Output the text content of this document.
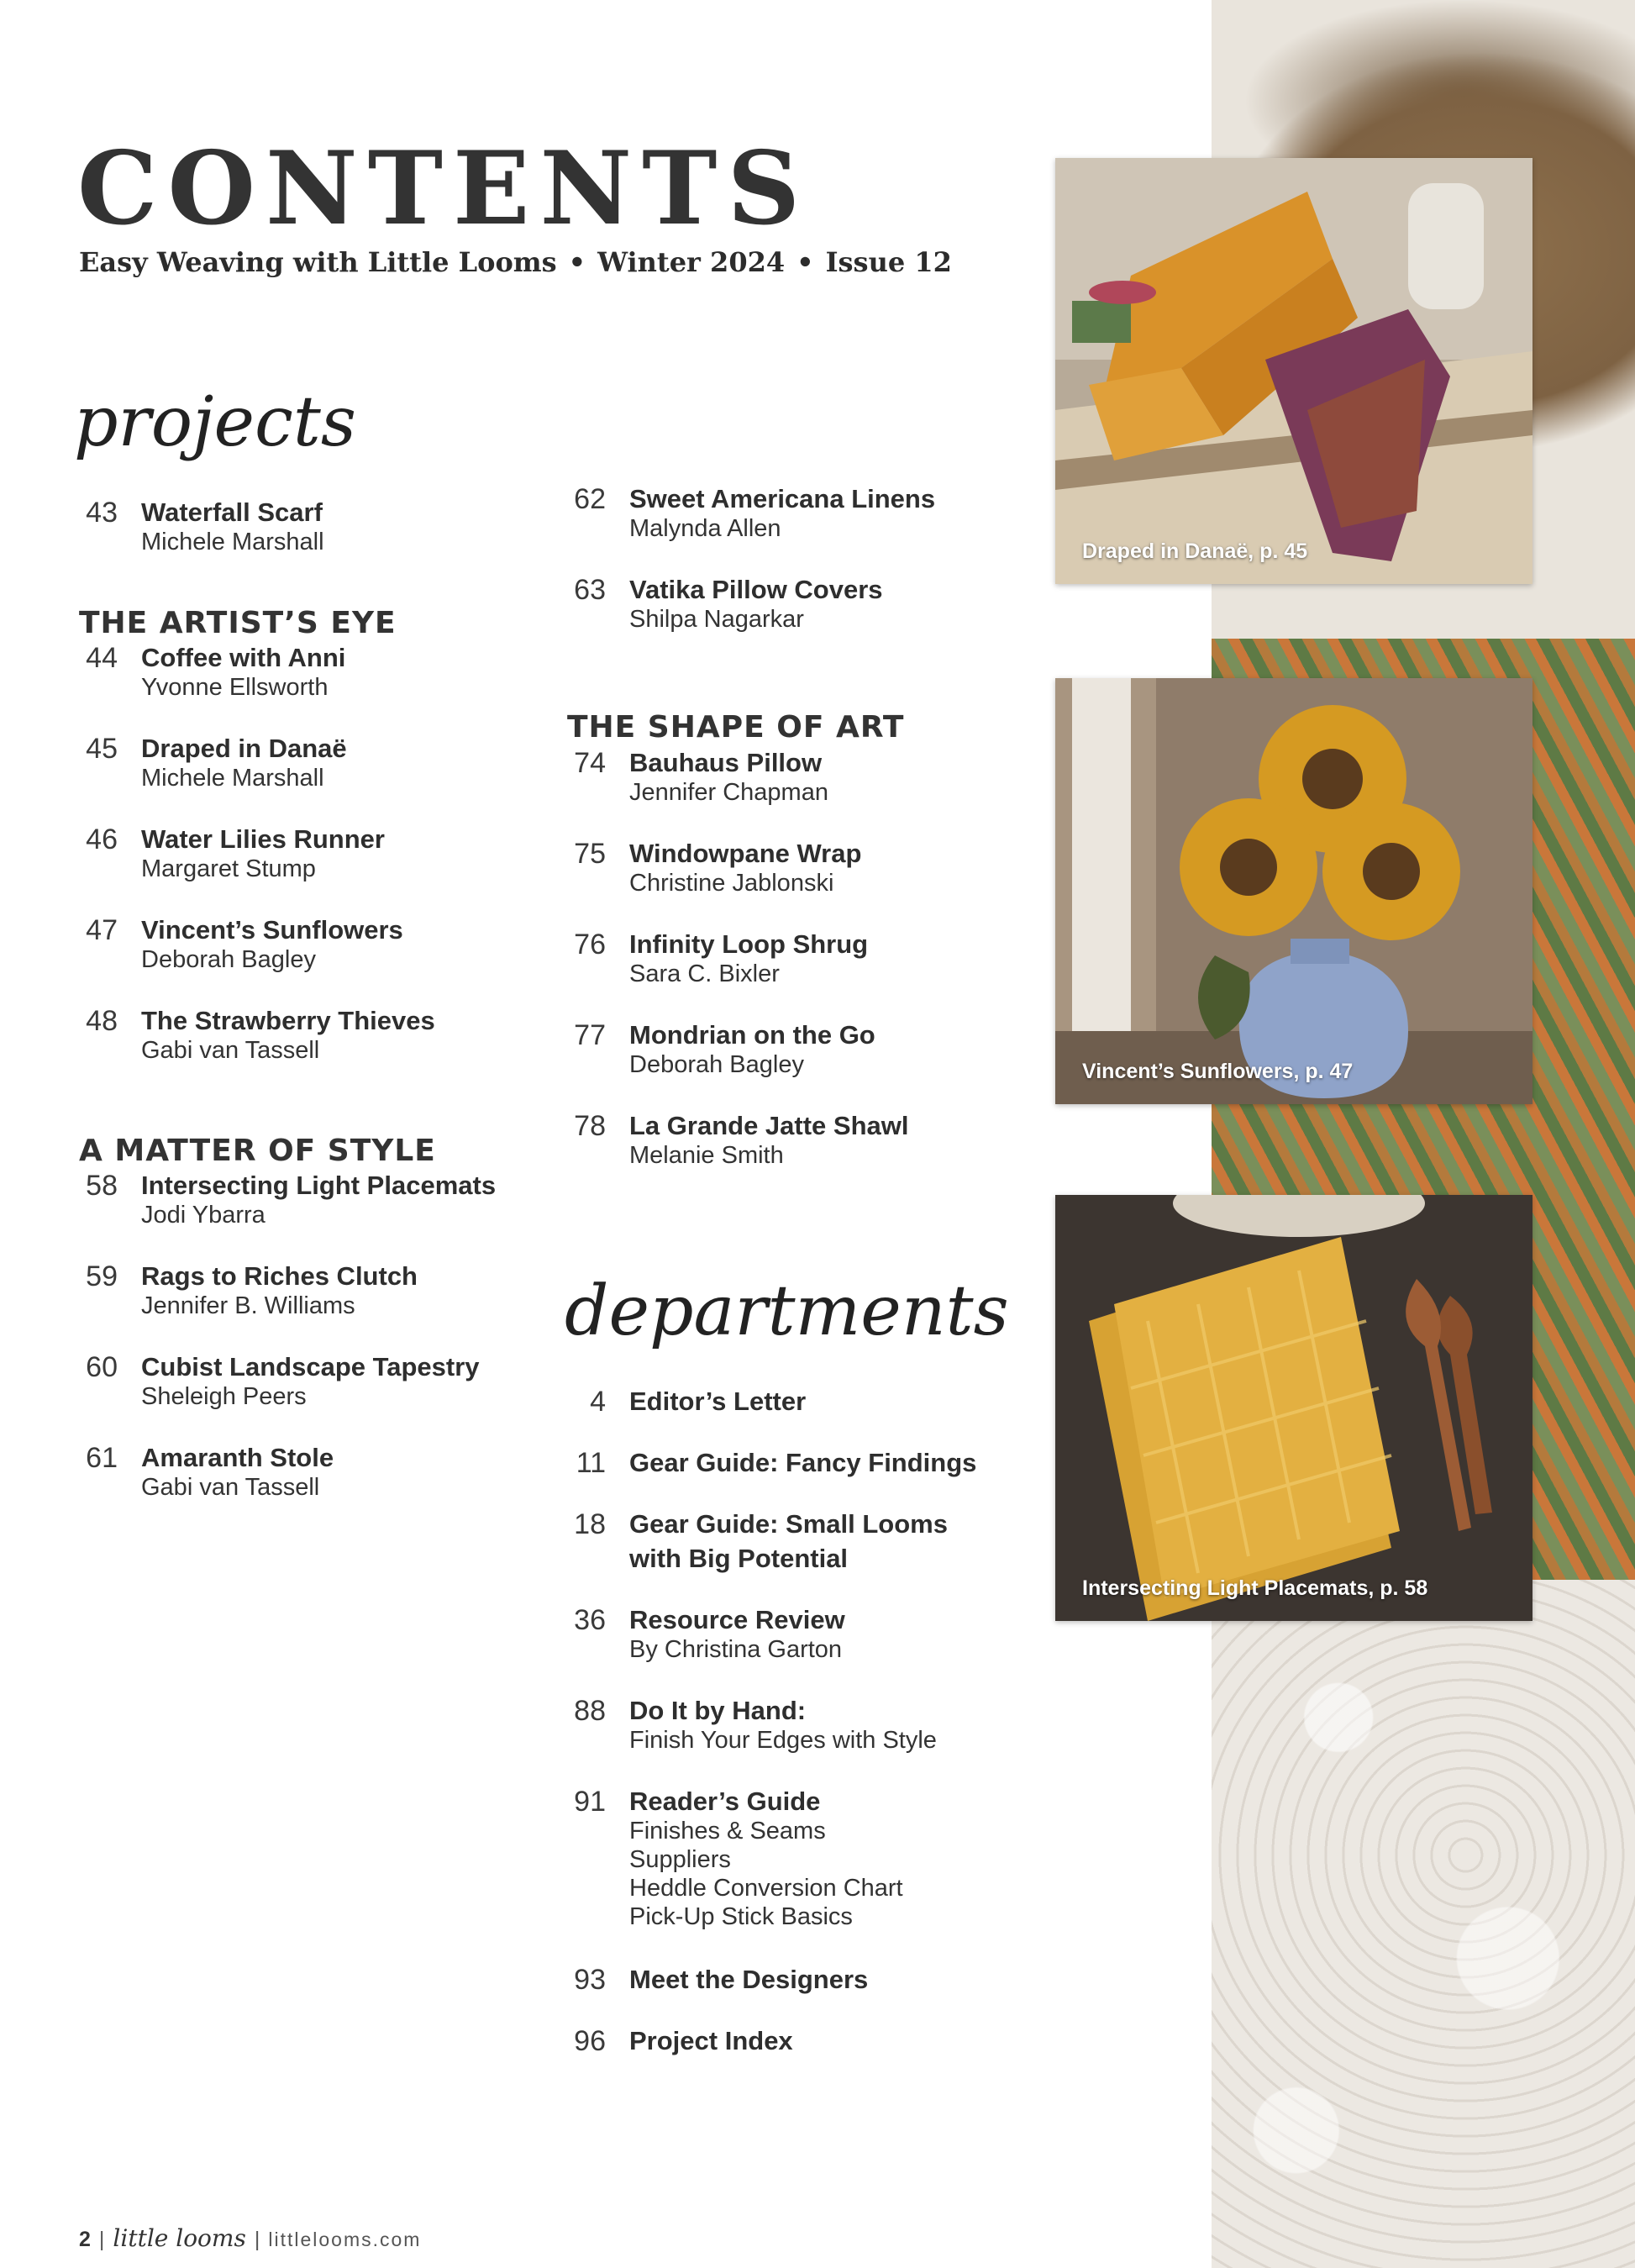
CONTENTS
Easy Weaving with Little Looms • Winter 2024 • Issue 12
projects
43 Waterfall Scarf
Michele Marshall
THE ARTIST’S EYE
44 Coffee with Anni
Yvonne Ellsworth
45 Draped in Danaë
Michele Marshall
46 Water Lilies Runner
Margaret Stump
47 Vincent’s Sunflowers
Deborah Bagley
48 The Strawberry Thieves
Gabi van Tassell
A MATTER OF STYLE
58 Intersecting Light Placemats
Jodi Ybarra
59 Rags to Riches Clutch
Jennifer B. Williams
60 Cubist Landscape Tapestry
Sheleigh Peers
61 Amaranth Stole
Gabi van Tassell
62 Sweet Americana Linens
Malynda Allen
63 Vatika Pillow Covers
Shilpa Nagarkar
THE SHAPE OF ART
74 Bauhaus Pillow
Jennifer Chapman
75 Windowpane Wrap
Christine Jablonski
76 Infinity Loop Shrug
Sara C. Bixler
77 Mondrian on the Go
Deborah Bagley
78 La Grande Jatte Shawl
Melanie Smith
departments
4 Editor’s Letter
11 Gear Guide: Fancy Findings
18 Gear Guide: Small Looms
with Big Potential
36 Resource Review
By Christina Garton
88 Do It by Hand:
Finish Your Edges with Style
91 Reader’s Guide
Finishes & Seams
Suppliers
Heddle Conversion Chart
Pick-Up Stick Basics
93 Meet the Designers
96 Project Index
Draped in Danaë, p. 45
Vincent’s Sunflowers, p. 47
Intersecting Light Placemats, p. 58
2 | little looms | littlelooms.com
